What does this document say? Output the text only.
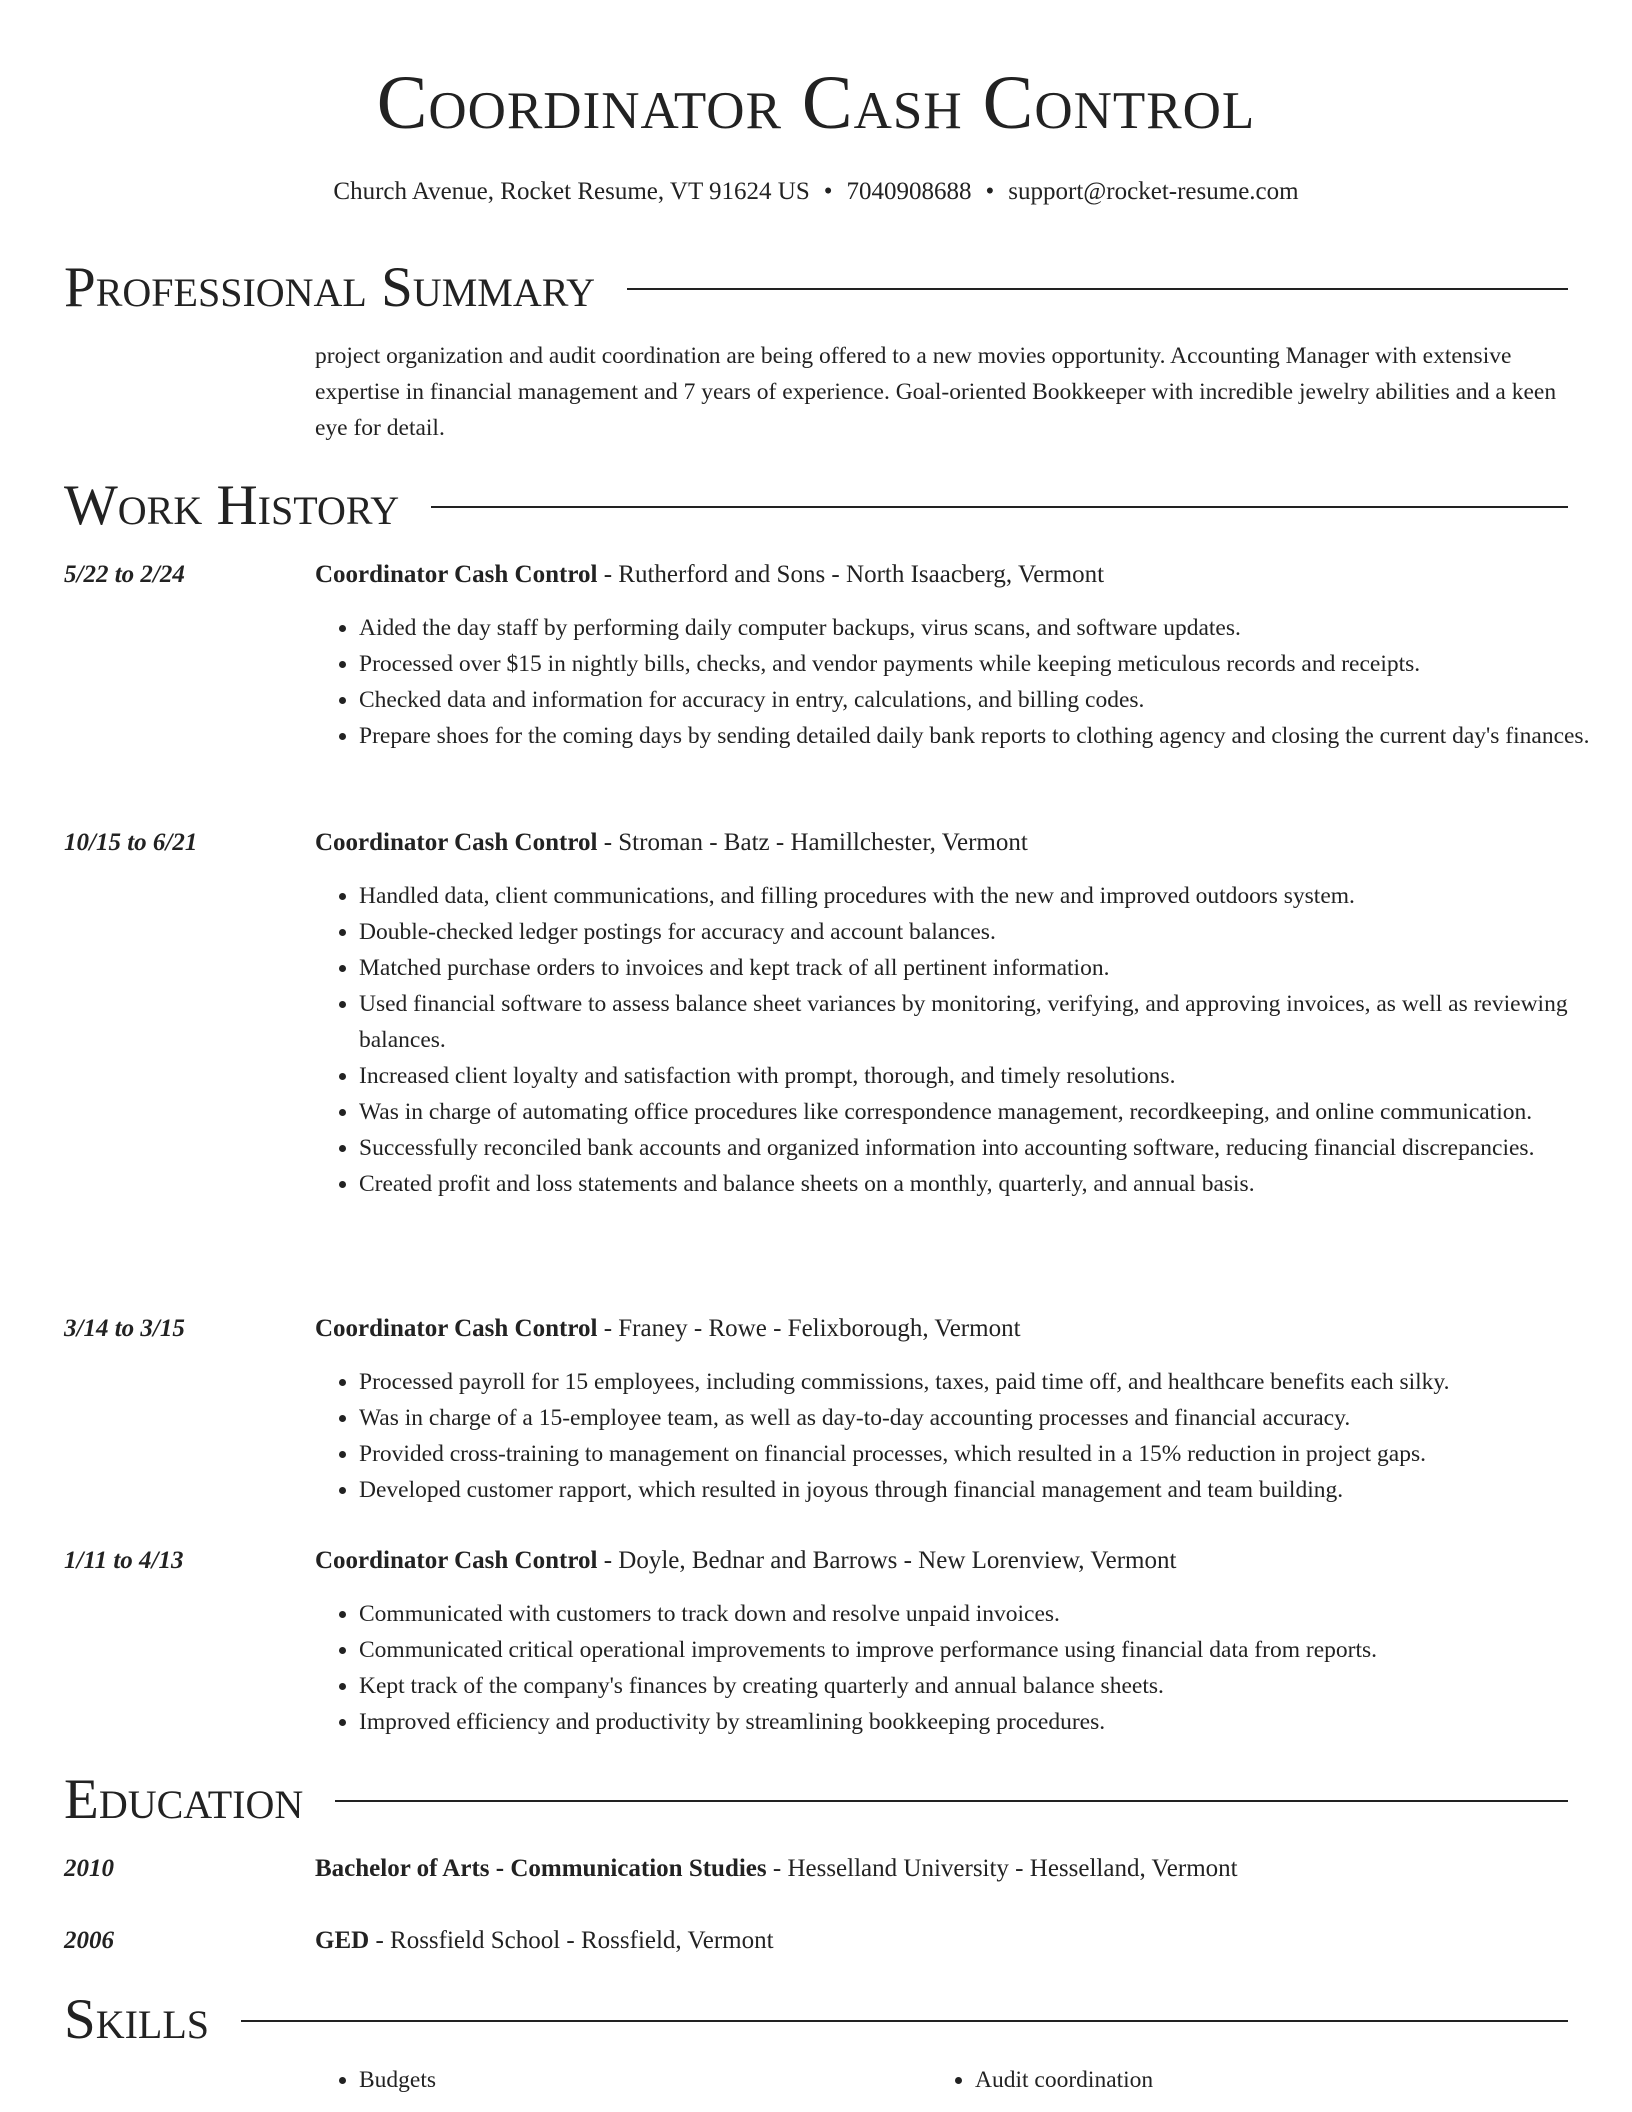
Coordinator Cash Control
Church Avenue, Rocket Resume, VT 91624 US • 7040908688 • support@rocket-resume.com
Professional Summary
project organization and audit coordination are being offered to a new movies opportunity. Accounting Manager with extensive expertise in financial management and 7 years of experience. Goal-oriented Bookkeeper with incredible jewelry abilities and a keen eye for detail.
Work History
5/22 to 2/24	Coordinator Cash Control - Rutherford and Sons - North Isaacberg, Vermont
• Aided the day staff by performing daily computer backups, virus scans, and software updates.
• Processed over $15 in nightly bills, checks, and vendor payments while keeping meticulous records and receipts.
• Checked data and information for accuracy in entry, calculations, and billing codes.
• Prepare shoes for the coming days by sending detailed daily bank reports to clothing agency and closing the current day's finances.
10/15 to 6/21	Coordinator Cash Control - Stroman - Batz - Hamillchester, Vermont
• Handled data, client communications, and filling procedures with the new and improved outdoors system.
• Double-checked ledger postings for accuracy and account balances.
• Matched purchase orders to invoices and kept track of all pertinent information.
• Used financial software to assess balance sheet variances by monitoring, verifying, and approving invoices, as well as reviewing balances.
• Increased client loyalty and satisfaction with prompt, thorough, and timely resolutions.
• Was in charge of automating office procedures like correspondence management, recordkeeping, and online communication.
• Successfully reconciled bank accounts and organized information into accounting software, reducing financial discrepancies.
• Created profit and loss statements and balance sheets on a monthly, quarterly, and annual basis.
3/14 to 3/15	Coordinator Cash Control - Franey - Rowe - Felixborough, Vermont
• Processed payroll for 15 employees, including commissions, taxes, paid time off, and healthcare benefits each silky.
• Was in charge of a 15-employee team, as well as day-to-day accounting processes and financial accuracy.
• Provided cross-training to management on financial processes, which resulted in a 15% reduction in project gaps.
• Developed customer rapport, which resulted in joyous through financial management and team building.
1/11 to 4/13	Coordinator Cash Control - Doyle, Bednar and Barrows - New Lorenview, Vermont
• Communicated with customers to track down and resolve unpaid invoices.
• Communicated critical operational improvements to improve performance using financial data from reports.
• Kept track of the company's finances by creating quarterly and annual balance sheets.
• Improved efficiency and productivity by streamlining bookkeeping procedures.
Education
2010	Bachelor of Arts - Communication Studies - Hesselland University - Hesselland, Vermont
2006	GED - Rossfield School - Rossfield, Vermont
Skills
• Budgets
•	Audit coordination
